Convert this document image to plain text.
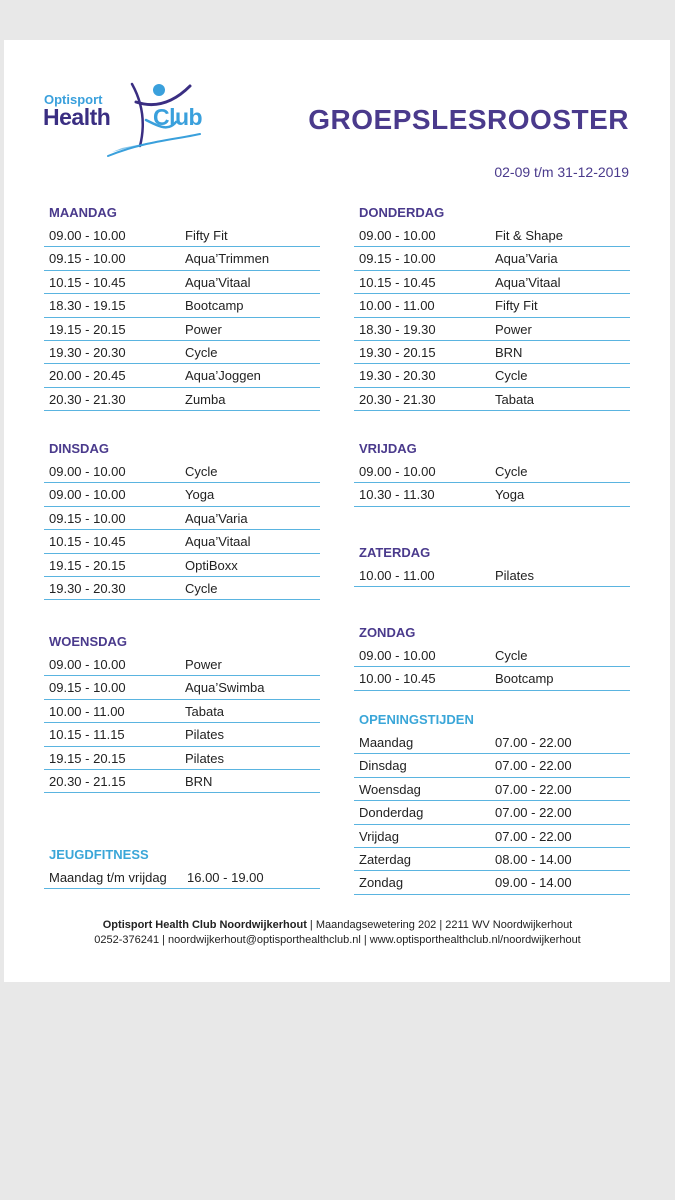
Optisport
Health Club	GROEPSLESROOSTER
02-09 t/m 31-12-2019
MAANDAG
09.00 - 10.00	Fifty Fit
09.15 - 10.00	Aqua’Trimmen
10.15 - 10.45	Aqua’Vitaal
18.30 - 19.15	Bootcamp
19.15 - 20.15	Power
19.30 - 20.30	Cycle
20.00 - 20.45	Aqua’Joggen
20.30 - 21.30	Zumba
DINSDAG
09.00 - 10.00	Cycle
09.00 - 10.00	Yoga
09.15 - 10.00	Aqua’Varia
10.15 - 10.45	Aqua’Vitaal
19.15 - 20.15	OptiBoxx
19.30 - 20.30	Cycle
WOENSDAG
09.00 - 10.00	Power
09.15 - 10.00	Aqua’Swimba
10.00 - 11.00	Tabata
10.15 - 11.15	Pilates
19.15 - 20.15	Pilates
20.30 - 21.15	BRN
JEUGDFITNESS
Maandag t/m vrijdag 16.00 - 19.00
DONDERDAG
09.00 - 10.00	Fit & Shape
09.15 - 10.00	Aqua’Varia
10.15 - 10.45	Aqua’Vitaal
10.00 - 11.00	Fifty Fit
18.30 - 19.30	Power
19.30 - 20.15	BRN
19.30 - 20.30	Cycle
20.30 - 21.30	Tabata
VRIJDAG
09.00 - 10.00	Cycle
10.30 - 11.30	Yoga
ZATERDAG
10.00 - 11.00	Pilates
ZONDAG
09.00 - 10.00	Cycle
10.00 - 10.45	Bootcamp
OPENINGSTIJDEN
Maandag	07.00 - 22.00
Dinsdag	07.00 - 22.00
Woensdag	07.00 - 22.00
Donderdag	07.00 - 22.00
Vrijdag	07.00 - 22.00
Zaterdag	08.00 - 14.00
Zondag	09.00 - 14.00
Optisport Health Club Noordwijkerhout | Maandagsewetering 202 | 2211 WV Noordwijkerhout
0252-376241 | noordwijkerhout@optisporthealthclub.nl | www.optisporthealthclub.nl/noordwijkerhout
